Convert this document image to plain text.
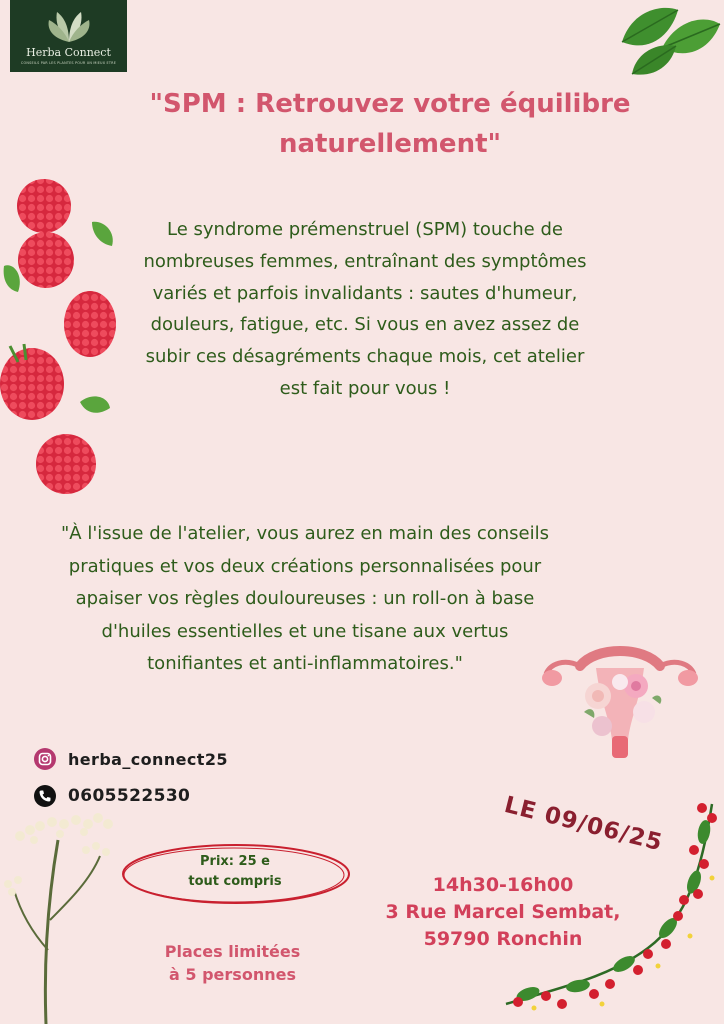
Herba Connect
CONSEILS PAR LES PLANTES POUR UN MIEUX ETRE
"SPM : Retrouvez votre équilibre naturellement"
Le syndrome prémenstruel (SPM) touche de nombreuses femmes, entraînant des symptômes variés et parfois invalidants : sautes d'humeur, douleurs, fatigue, etc. Si vous en avez assez de subir ces désagréments chaque mois, cet atelier est fait pour vous !
"À l'issue de l'atelier, vous aurez en main des conseils pratiques et vos deux créations personnalisées pour apaiser vos règles douloureuses : un roll-on à base d'huiles essentielles et une tisane aux vertus tonifiantes et anti-inflammatoires."
herba_connect25
0605522530	LE 09/06/25
Prix: 25 e
tout compris	14h30-16h00
3 Rue Marcel Sembat,
59790 Ronchin
Places limitées à 5 personnes
